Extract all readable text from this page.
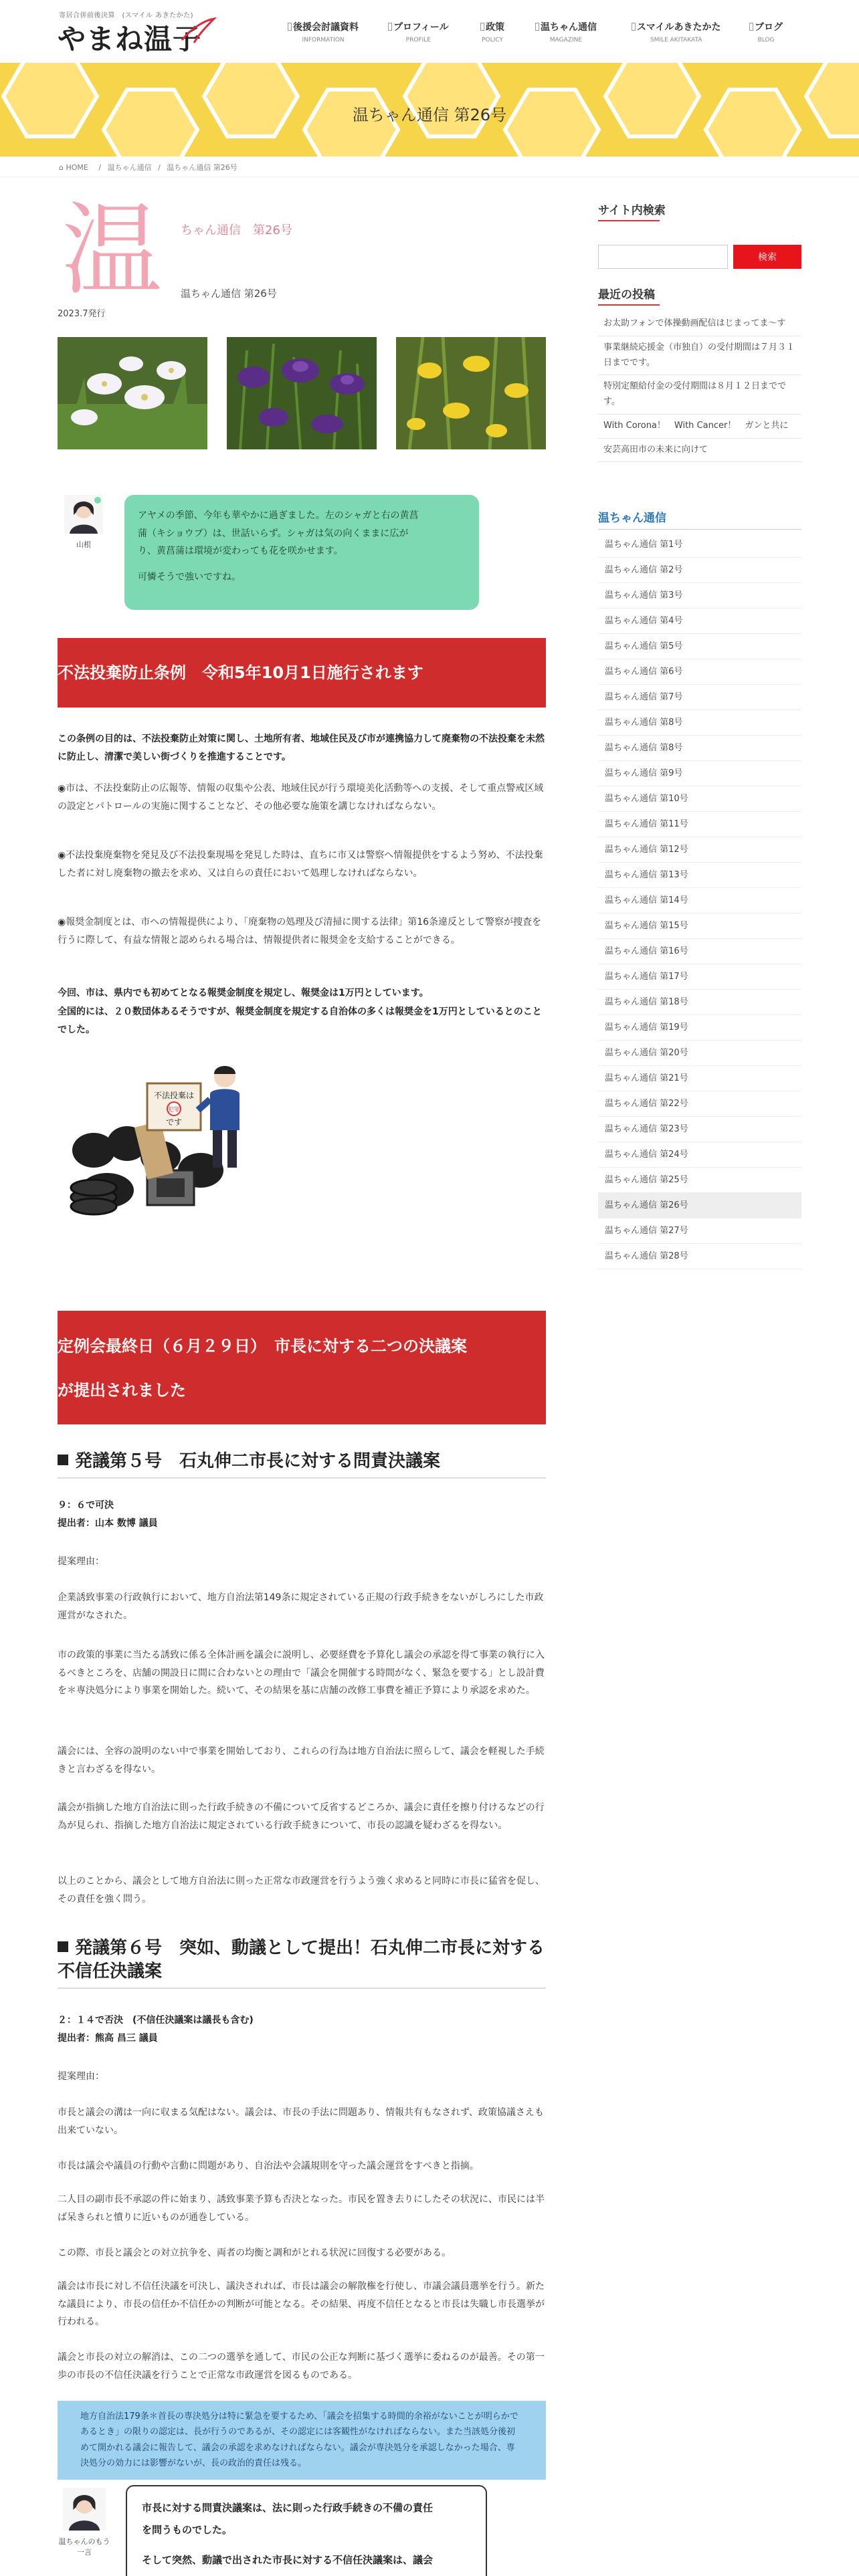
寄居合併前後決算　(スマイル あきたかた)
やまね温子	後援会討議資料
INFORMATION
プロフィール
PROFILE
政策
POLICY
温ちゃん通信
MAGAZINE
スマイルあきたかた
SMILE AKITAKATA
ブログ
BLOG
温ちゃん通信 第26号
⌂ HOME / 温ちゃん通信 / 温ちゃん通信 第26号
温 ちゃん通信　第26号
温ちゃん通信 第26号
2023.7発行
山根
アヤメの季節、今年も華やかに過ぎました。左のシャガと右の黄菖
蒲（キショウブ）は、世話いらず。シャガは気の向くままに広が
り、黄菖蒲は環境が変わっても花を咲かせます。
可憐そうで強いですね。
不法投棄防止条例　令和5年10月1日施行されます
この条例の目的は、不法投棄防止対策に関し、土地所有者、地域住民及び市が連携協力して廃棄物の不法投棄を未然に防止し、清潔で美しい街づくりを推進することです。
◉市は、不法投棄防止の広報等、情報の収集や公表、地域住民が行う環境美化活動等への支援、そして重点警戒区域の設定とパトロールの実施に関することなど、その他必要な施策を講じなければならない。
◉不法投棄廃棄物を発見及び不法投棄現場を発見した時は、直ちに市又は警察へ情報提供をするよう努め、不法投棄した者に対し廃棄物の撤去を求め、又は自らの責任において処理しなければならない。
◉報奨金制度とは、市への情報提供により、「廃棄物の処理及び清掃に関する法律」第16条違反として警察が捜査を行うに際して、有益な情報と認められる場合は、情報提供者に報奨金を支給することができる。
今回、市は、県内でも初めてとなる報奨金制度を規定し、報奨金は1万円としています。
全国的には、２０数団体あるそうですが、報奨金制度を規定する自治体の多くは報奨金を1万円としているとのことでした。
不法投棄は
犯罪
です
定例会最終日（６月２９日）　市長に対する二つの決議案
が提出されました
発議第５号　石丸伸二市長に対する問責決議案
９：６で可決
提出者：山本 数博 議員
提案理由：
企業誘致事業の行政執行において、地方自治法第149条に規定されている正規の行政手続きをないがしろにした市政運営がなされた。
市の政策的事業に当たる誘致に係る全体計画を議会に説明し、必要経費を予算化し議会の承認を得て事業の執行に入るべきところを、店舗の開設日に間に合わないとの理由で「議会を開催する時間がなく、緊急を要する」とし設計費を＊専決処分により事業を開始した。続いて、その結果を基に店舗の改修工事費を補正予算により承認を求めた。
議会には、全容の説明のない中で事業を開始しており、これらの行為は地方自治法に照らして、議会を軽視した手続きと言わざるを得ない。
議会が指摘した地方自治法に則った行政手続きの不備について反省するどころか、議会に責任を擦り付けるなどの行為が見られ、指摘した地方自治法に規定されている行政手続きについて、市長の認識を疑わざるを得ない。
以上のことから、議会として地方自治法に則った正常な市政運営を行うよう強く求めると同時に市長に猛省を促し、その責任を強く問う。
発議第６号　突如、動議として提出！石丸伸二市長に対する不信任決議案
２：１４で否決　(不信任決議案は議長も含む)
提出者：熊高 昌三 議員
提案理由：
市長と議会の溝は一向に収まる気配はない。議会は、市長の手法に問題あり、情報共有もなされず、政策協議さえも出来ていない。
市長は議会や議員の行動や言動に問題があり、自治法や会議規則を守った議会運営をすべきと指摘。
二人目の副市長不承認の件に始まり、誘致事業予算も否決となった。市民を置き去りにしたその状況に、市民には半ば呆きられと憤りに近いものが通巻している。
この際、市長と議会との対立抗争を、両者の均衡と調和がとれる状況に回復する必要がある。
議会は市長に対し不信任決議を可決し、議決されれば、市長は議会の解散権を行使し、市議会議員選挙を行う。新たな議員により、市長の信任か不信任かの判断が可能となる。その結果、再度不信任となると市長は失職し市長選挙が行われる。
議会と市長の対立の解消は、この二つの選挙を通して、市民の公正な判断に基づく選挙に委ねるのが最善。その第一歩の市長の不信任決議を行うことで正常な市政運営を図るものである。
地方自治法179条＊首長の専決処分は特に緊急を要するため、「議会を招集する時間的余裕がないことが明らかであるとき」の限りの認定は、長が行うのであるが、その認定には客観性がなければならない。また当該処分後初めて開かれる議会に報告して、議会の承認を求めなければならない。議会が専決処分を承認しなかった場合、専決処分の効力には影響がないが、長の政治的責任は残る。
温ちゃんのもう一言
市長に対する問責決議案は、法に則った行政手続きの不備の責任
を問うものでした。
そして突然、動議で出された市長に対する不信任決議案は、議会
サイト内検索
検索
最近の投稿
お太助フォンで体操動画配信はじまってま～す
事業継続応援金（市独自）の受付期間は７月３１日までです。
特別定額給付金の受付期間は８月１２日までです。
With Corona！　With Cancer！　ガンと共に
安芸高田市の未来に向けて
温ちゃん通信
温ちゃん通信 第1号
温ちゃん通信 第2号
温ちゃん通信 第3号
温ちゃん通信 第4号
温ちゃん通信 第5号
温ちゃん通信 第6号
温ちゃん通信 第7号
温ちゃん通信 第8号
温ちゃん通信 第8号
温ちゃん通信 第9号
温ちゃん通信 第10号
温ちゃん通信 第11号
温ちゃん通信 第12号
温ちゃん通信 第13号
温ちゃん通信 第14号
温ちゃん通信 第15号
温ちゃん通信 第16号
温ちゃん通信 第17号
温ちゃん通信 第18号
温ちゃん通信 第19号
温ちゃん通信 第20号
温ちゃん通信 第21号
温ちゃん通信 第22号
温ちゃん通信 第23号
温ちゃん通信 第24号
温ちゃん通信 第25号
温ちゃん通信 第26号
温ちゃん通信 第27号
温ちゃん通信 第28号
